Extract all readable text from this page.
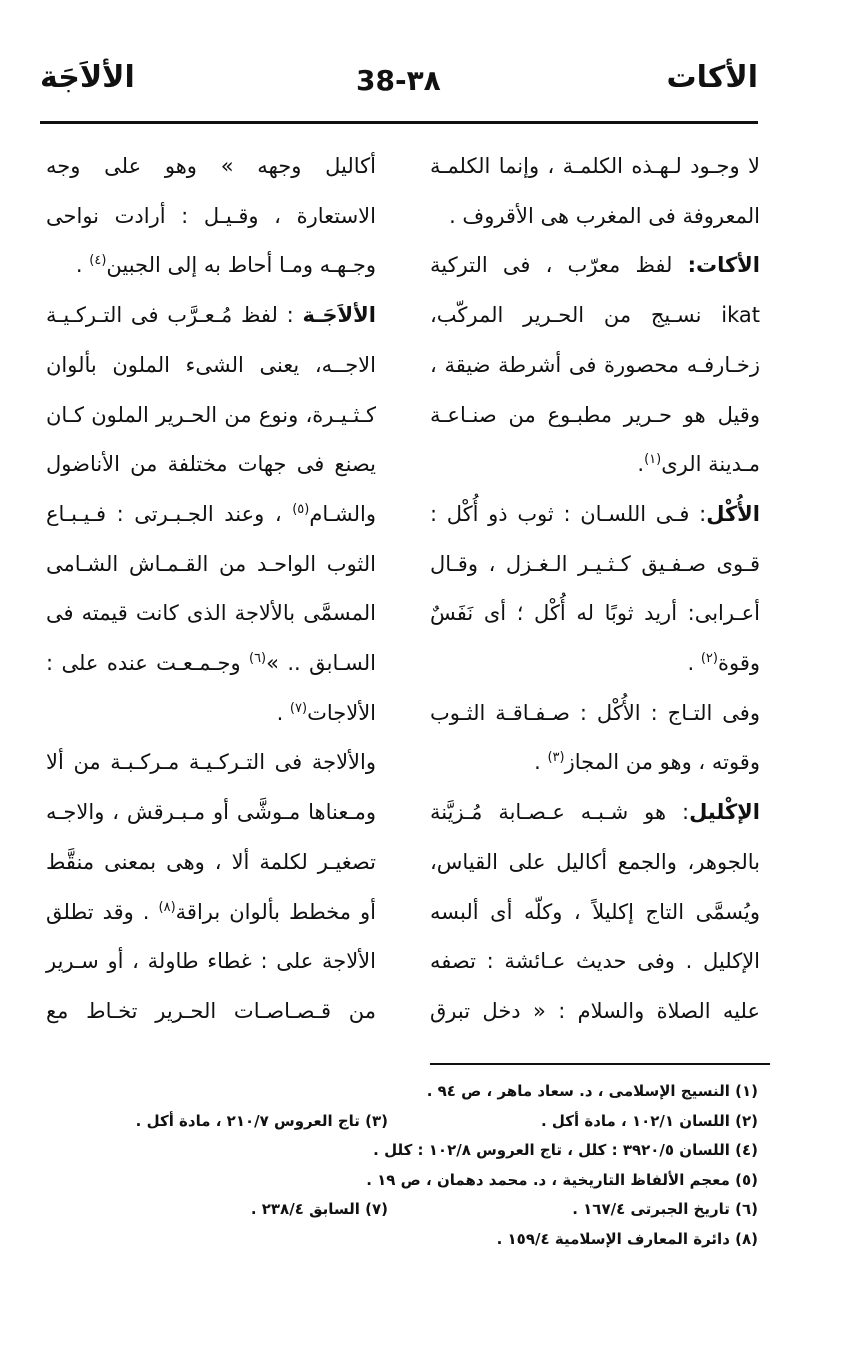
الأكات
38-٣٨
الألاَجَة

لا وجـود لـهـذه الكلمـة ، وإنما الكلمـة المعروفة فى المغرب هى الأقروف .

الأكات: لفظ معرّب ، فى التركية ikat نسـيج من الحـرير المركّب، زخـارفـه محصورة فى أشرطة ضيقة ، وقيل هو حـرير مطبـوع من صنـاعـة مـدينة الرى$^{(١)}$.

الأُكْل: فـى اللسـان : ثوب ذو أُكْل : قـوى صـفـيق كـثـيـر الـغـزل ، وقـال أعـرابى: أريد ثوبًا له أُكْل ؛ أى نَفَسٌ وقوة$^{(٢)}$ .

وفى التـاج : الأُكْل : صـفـاقـة الثـوب وقوته ، وهو من المجاز$^{(٣)}$ .

الإكْليل: هو شـبـه عـصـابة مُـزيَّنة بالجوهر، والجمع أكاليل على القياس، ويُسمَّى التاج إكليلاً ، وكلّه أى ألبسه الإكليل . وفى حديث عـائشة : تصفه عليه الصلاة والسلام : « دخل تبرق

أكاليل وجهه » وهو على وجه الاستعارة ، وقـيـل : أرادت نواحى وجـهـه ومـا أحاط به إلى الجبين$^{(٤)}$ .

الألاَجَـة : لفظ مُـعـرَّب فى التـركـيـة الاجــه، يعنى الشىء الملون بألوان كـثـيـرة، ونوع من الحـرير الملون كـان يصنع فى جهات مختلفة من الأناضول والشـام$^{(٥)}$ ، وعند الجـبـرتى : فـيـبـاع الثوب الواحـد من القـمـاش الشـامى المسمَّى بالألاجة الذى كانت قيمته فى السـابق .. »$^{(٦)}$ وجـمـعـت عنده على : الألاجات$^{(٧)}$ .

والألاجة فى التـركـيـة مـركـبـة من ألا ومـعناها مـوشَّى أو مـبـرقش ، والاجـه تصغيـر لكلمة ألا ، وهى بمعنى منقَّط أو مخطط بألوان براقة$^{(٨)}$ . وقد تطلق الألاجة على : غطاء طاولة ، أو سـرير من قـصـاصـات الحـرير تخـاط مع

(١) النسيج الإسلامى ، د. سعاد ماهر ، ص ٩٤ .
(٢) اللسان ١٠٢/١ ، مادة أكل .
(٣) تاج العروس ٢١٠/٧ ، مادة أكل .
(٤) اللسان ٣٩٢٠/٥ : كلل ، تاج العروس ١٠٢/٨ : كلل .
(٥) معجم الألفاظ التاريخية ، د. محمد دهمان ، ص ١٩ .
(٦) تاريخ الجبرتى ١٦٧/٤ .
(٧) السابق ٢٣٨/٤ .
(٨) دائرة المعارف الإسلامية ١٥٩/٤ .
